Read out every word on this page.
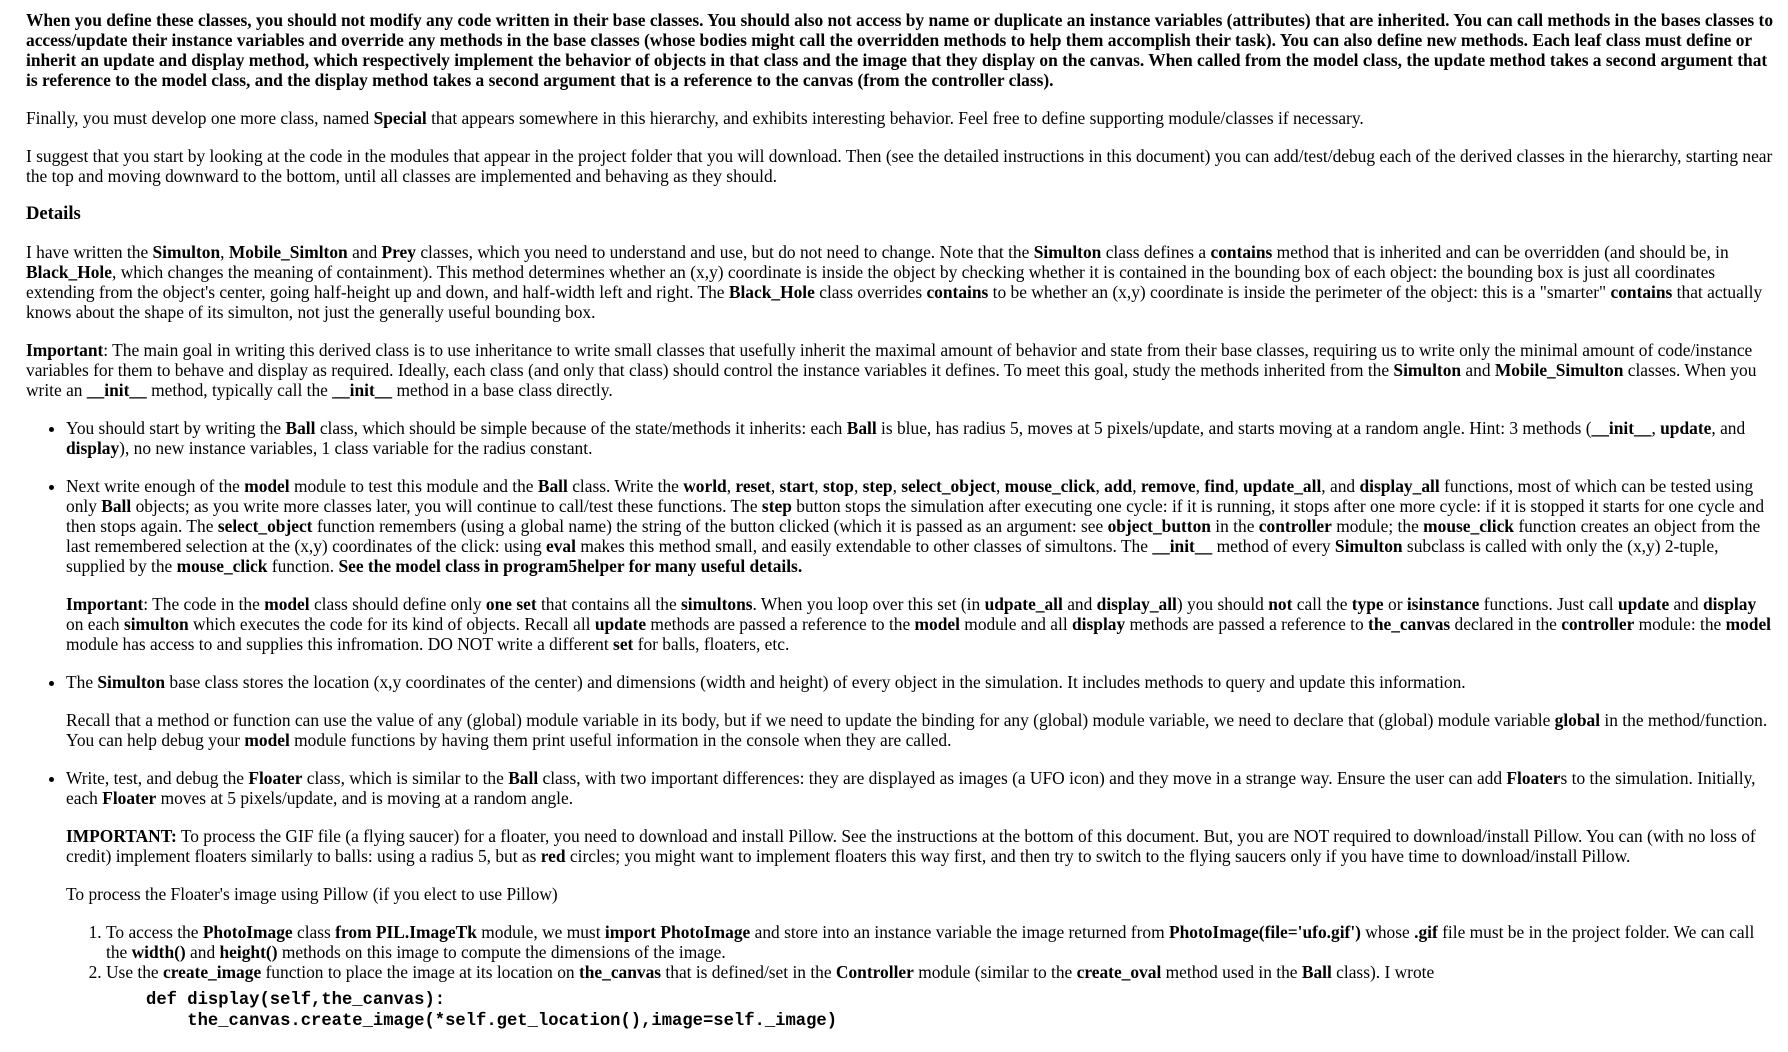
When you define these classes, you should not modify any code written in their base classes. You should also not access by name or duplicate an instance variables (attributes) that are inherited. You can call methods in the bases classes to access/update their instance variables and override any methods in the base classes (whose bodies might call the overridden methods to help them accomplish their task). You can also define new methods. Each leaf class must define or inherit an update and display method, which respectively implement the behavior of objects in that class and the image that they display on the canvas. When called from the model class, the update method takes a second argument that is reference to the model class, and the display method takes a second argument that is a reference to the canvas (from the controller class).

Finally, you must develop one more class, named Special that appears somewhere in this hierarchy, and exhibits interesting behavior. Feel free to define supporting module/classes if necessary.

I suggest that you start by looking at the code in the modules that appear in the project folder that you will download. Then (see the detailed instructions in this document) you can add/test/debug each of the derived classes in the hierarchy, starting near the top and moving downward to the bottom, until all classes are implemented and behaving as they should.

Details

I have written the Simulton, Mobile_Simlton and Prey classes, which you need to understand and use, but do not need to change. Note that the Simulton class defines a contains method that is inherited and can be overridden (and should be, in Black_Hole, which changes the meaning of containment). This method determines whether an (x,y) coordinate is inside the object by checking whether it is contained in the bounding box of each object: the bounding box is just all coordinates extending from the object's center, going half-height up and down, and half-width left and right. The Black_Hole class overrides contains to be whether an (x,y) coordinate is inside the perimeter of the object: this is a "smarter" contains that actually knows about the shape of its simulton, not just the generally useful bounding box.

Important: The main goal in writing this derived class is to use inheritance to write small classes that usefully inherit the maximal amount of behavior and state from their base classes, requiring us to write only the minimal amount of code/instance variables for them to behave and display as required. Ideally, each class (and only that class) should control the instance variables it defines. To meet this goal, study the methods inherited from the Simulton and Mobile_Simulton classes. When you write an __init__ method, typically call the __init__ method in a base class directly.

• You should start by writing the Ball class, which should be simple because of the state/methods it inherits: each Ball is blue, has radius 5, moves at 5 pixels/update, and starts moving at a random angle. Hint: 3 methods (__init__, update, and display), no new instance variables, 1 class variable for the radius constant.

• Next write enough of the model module to test this module and the Ball class. Write the world, reset, start, stop, step, select_object, mouse_click, add, remove, find, update_all, and display_all functions, most of which can be tested using only Ball objects; as you write more classes later, you will continue to call/test these functions. The step button stops the simulation after executing one cycle: if it is running, it stops after one more cycle: if it is stopped it starts for one cycle and then stops again. The select_object function remembers (using a global name) the string of the button clicked (which it is passed as an argument: see object_button in the controller module; the mouse_click function creates an object from the last remembered selection at the (x,y) coordinates of the click: using eval makes this method small, and easily extendable to other classes of simultons. The __init__ method of every Simulton subclass is called with only the (x,y) 2-tuple, supplied by the mouse_click function. See the model class in program5helper for many useful details.

Important: The code in the model class should define only one set that contains all the simultons. When you loop over this set (in udpate_all and display_all) you should not call the type or isinstance functions. Just call update and display on each simulton which executes the code for its kind of objects. Recall all update methods are passed a reference to the model module and all display methods are passed a reference to the_canvas declared in the controller module: the model module has access to and supplies this infromation. DO NOT write a different set for balls, floaters, etc.

• The Simulton base class stores the location (x,y coordinates of the center) and dimensions (width and height) of every object in the simulation. It includes methods to query and update this information.

Recall that a method or function can use the value of any (global) module variable in its body, but if we need to update the binding for any (global) module variable, we need to declare that (global) module variable global in the method/function. You can help debug your model module functions by having them print useful information in the console when they are called.

• Write, test, and debug the Floater class, which is similar to the Ball class, with two important differences: they are displayed as images (a UFO icon) and they move in a strange way. Ensure the user can add Floaters to the simulation. Initially, each Floater moves at 5 pixels/update, and is moving at a random angle.

IMPORTANT: To process the GIF file (a flying saucer) for a floater, you need to download and install Pillow. See the instructions at the bottom of this document. But, you are NOT required to download/install Pillow. You can (with no loss of credit) implement floaters similarly to balls: using a radius 5, but as red circles; you might want to implement floaters this way first, and then try to switch to the flying saucers only if you have time to download/install Pillow.

To process the Floater's image using Pillow (if you elect to use Pillow)

1. To access the PhotoImage class from PIL.ImageTk module, we must import PhotoImage and store into an instance variable the image returned from PhotoImage(file='ufo.gif') whose .gif file must be in the project folder. We can call the width() and height() methods on this image to compute the dimensions of the image.
2. Use the create_image function to place the image at its location on the_canvas that is defined/set in the Controller module (similar to the create_oval method used in the Ball class). I wrote
def display(self,the_canvas):
the_canvas.create_image(*self.get_location(),image=self._image)
